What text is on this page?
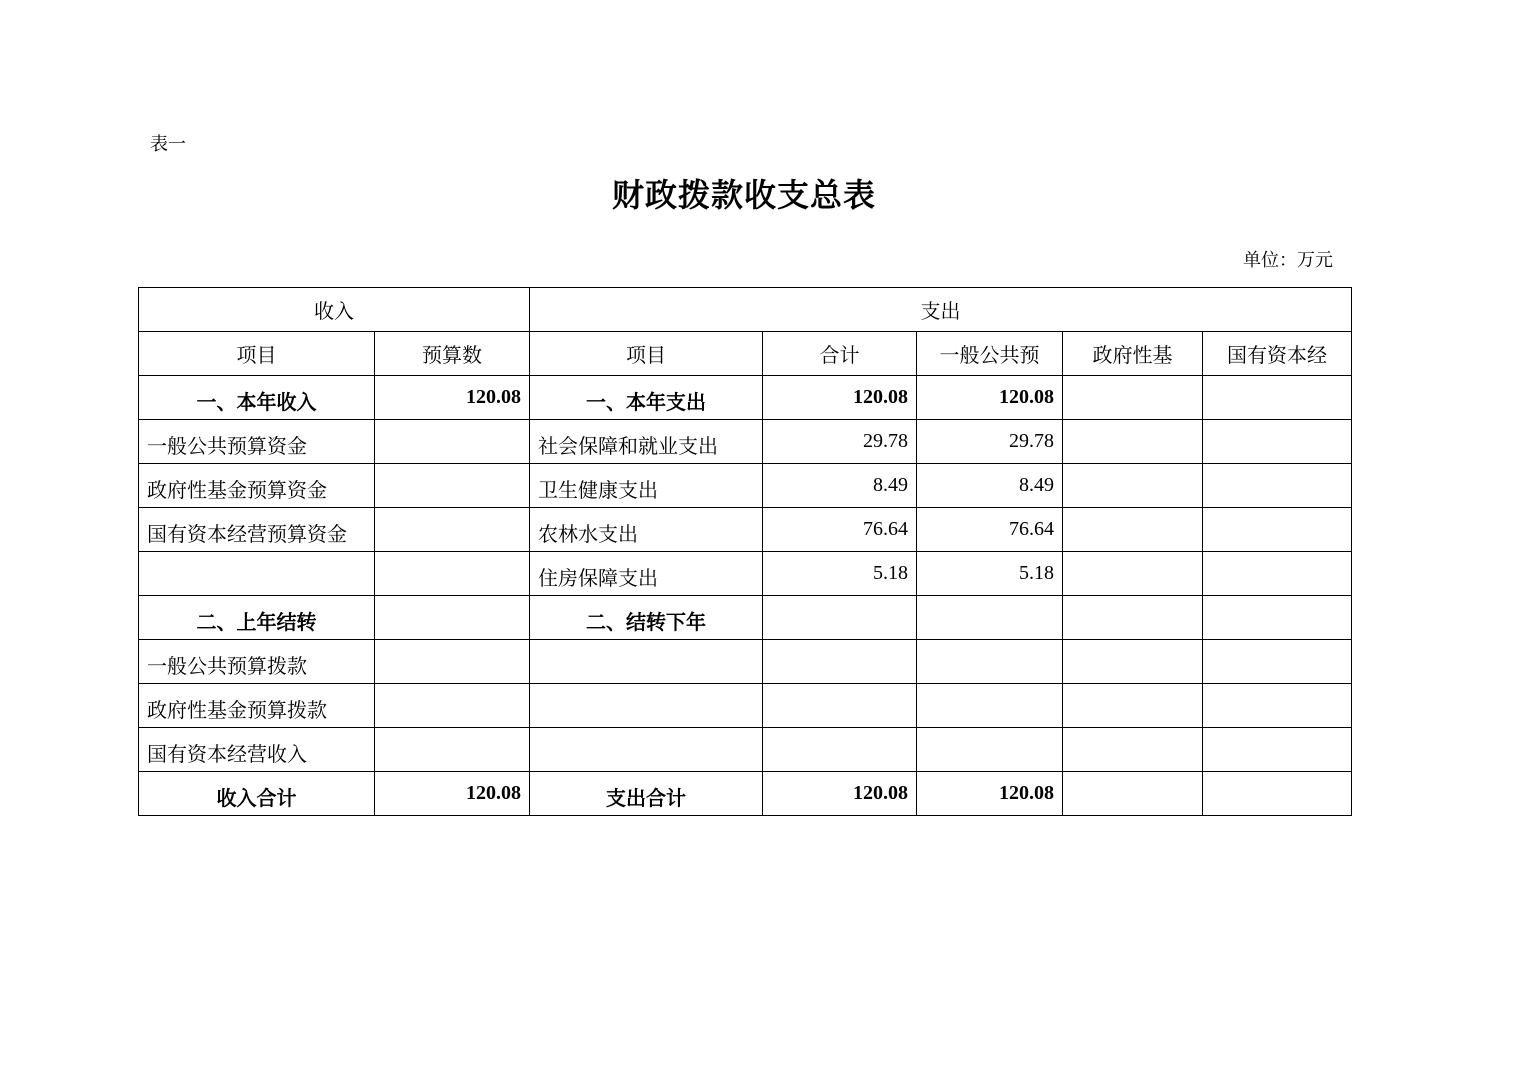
表一
财政拨款收支总表
单位：万元
收入		支出				
项目	预算数	项目	合计	一般公共预	政府性基	国有资本经

一、本年收入	120.08	一、本年支出	120.08	120.08		

一般公共预算资金		社会保障和就业支出	29.78	29.78		

政府性基金预算资金		卫生健康支出	8.49	8.49		

国有资本经营预算资金		农林水支出	76.64	76.64		

		住房保障支出	5.18	5.18		

二、上年结转		二、结转下年				

一般公共预算拨款						

政府性基金预算拨款						

国有资本经营收入						

收入合计	120.08	支出合计	120.08	120.08		
